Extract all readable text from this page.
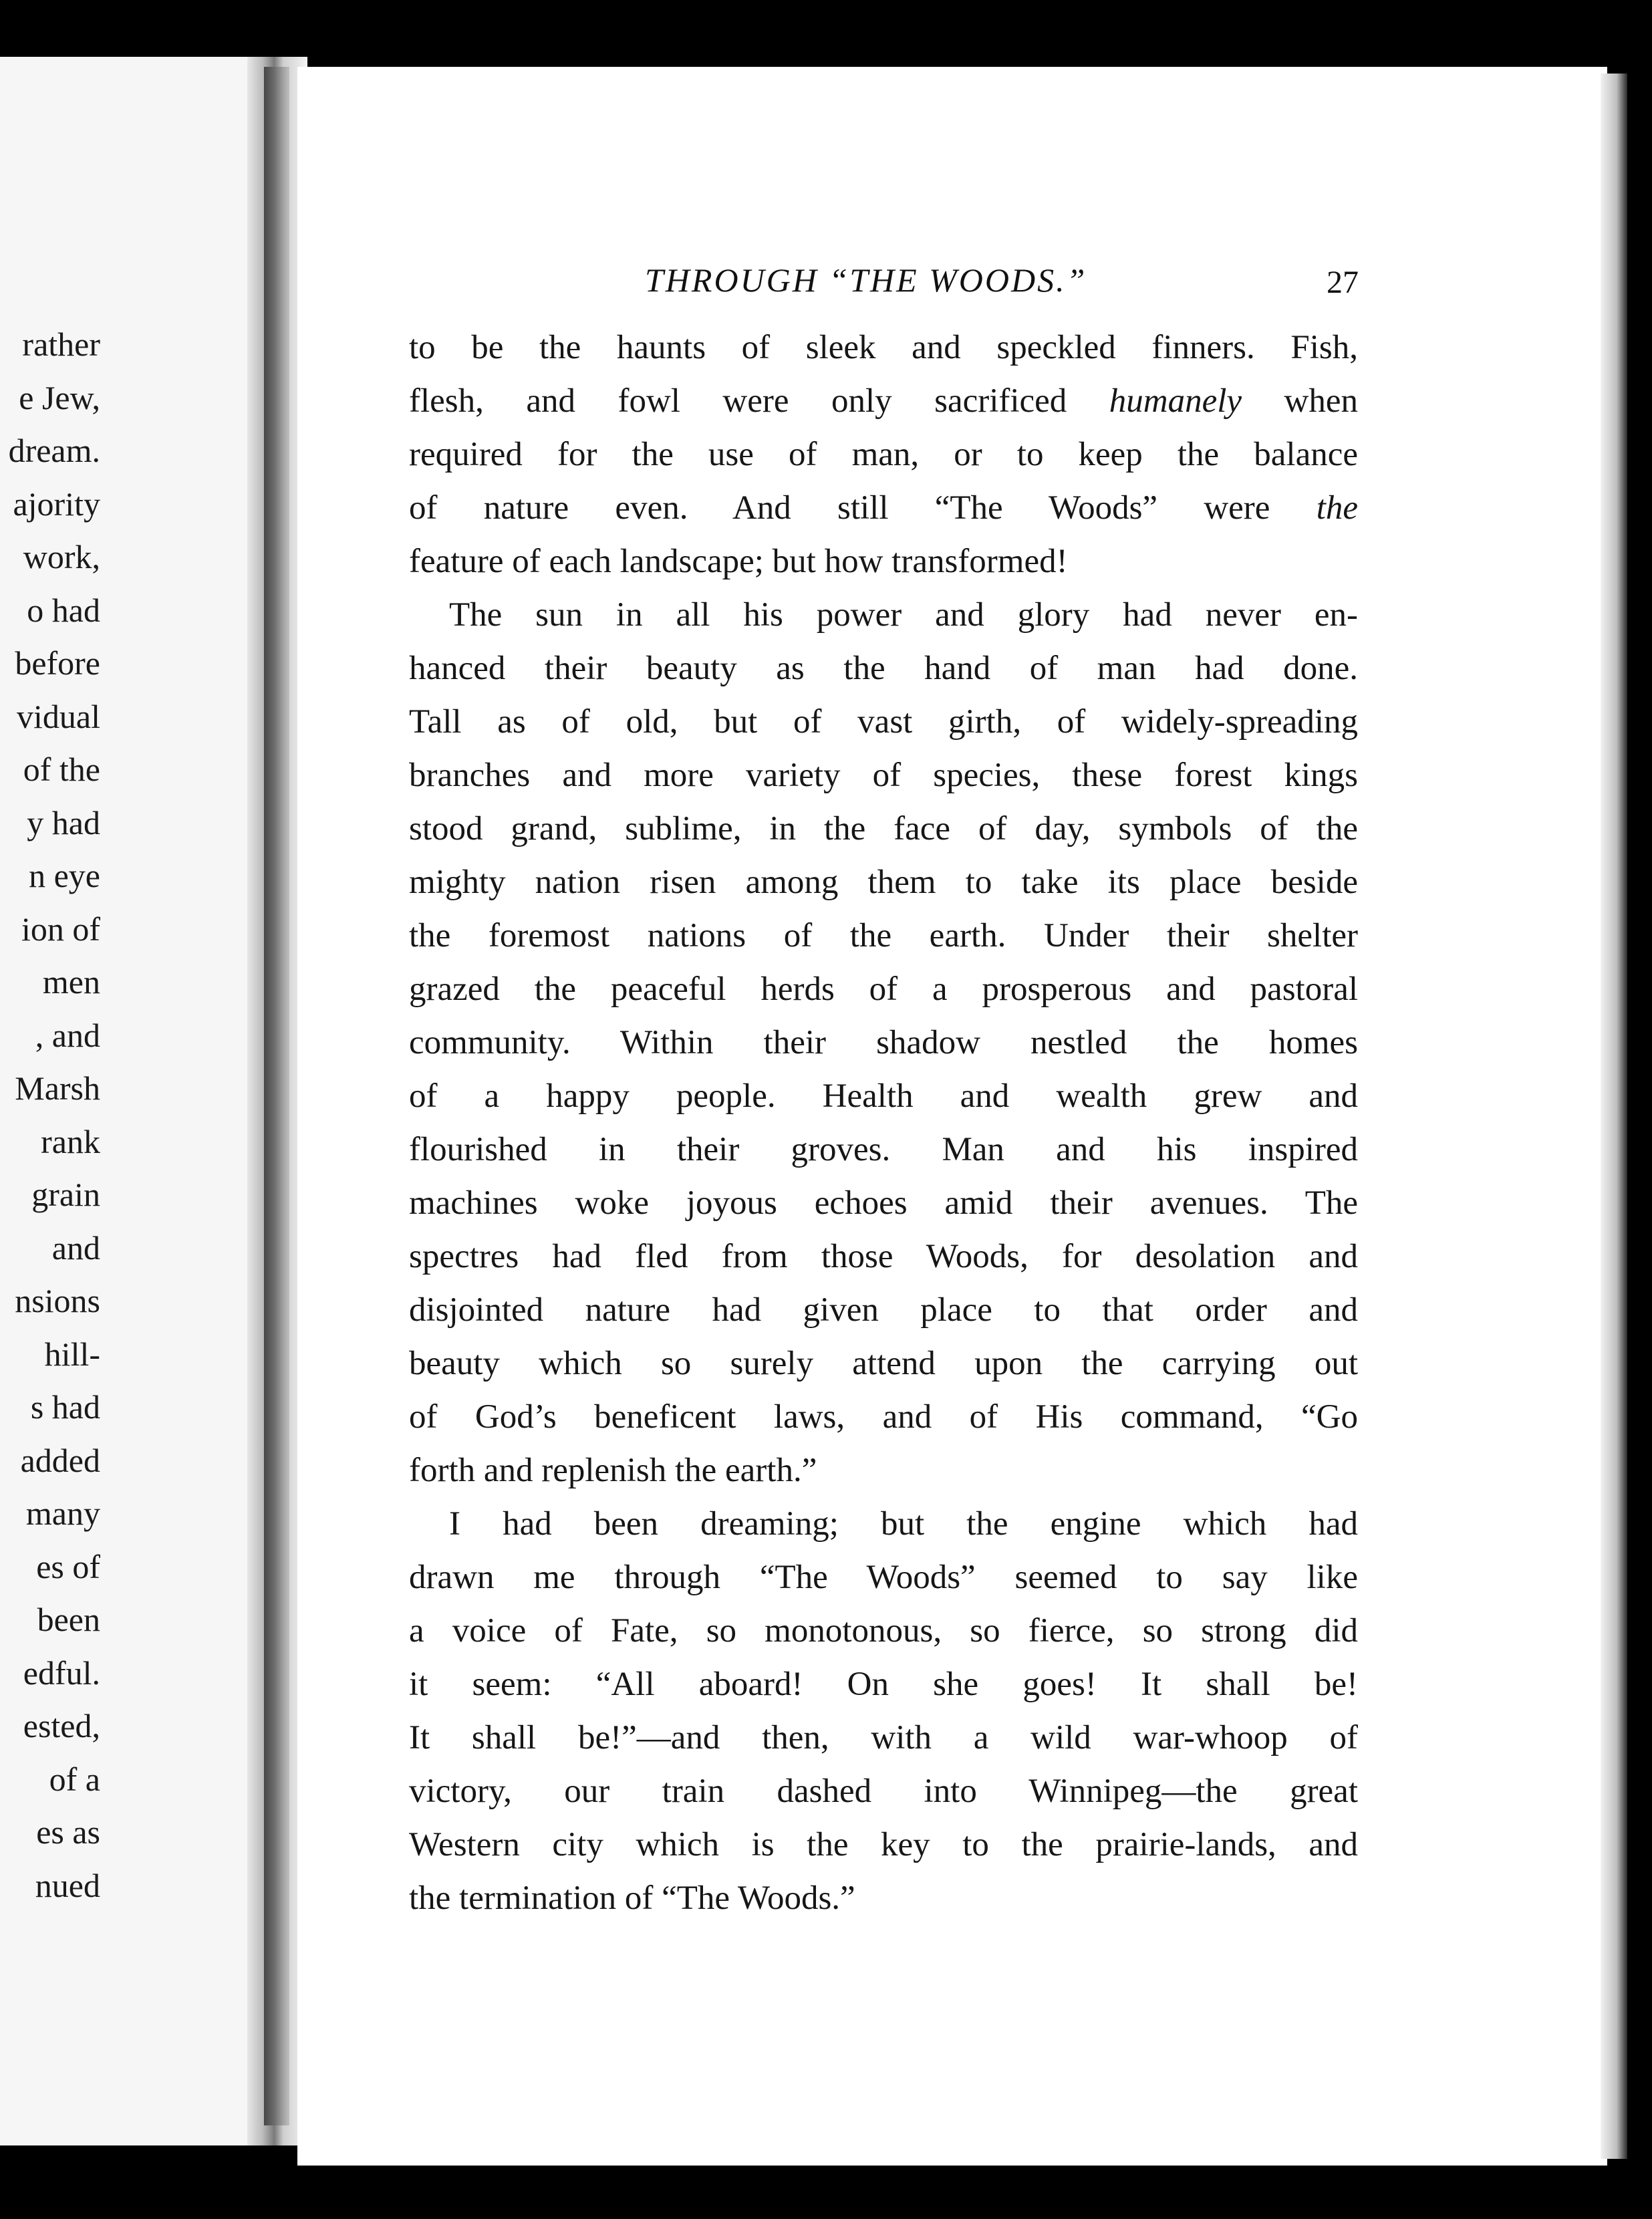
rather
e Jew,
dream.
ajority
work,
o had
before
vidual
of the
y had
n eye
ion of
men
, and
Marsh
rank
grain
and
nsions
hill-
s had
added
many
es of
been
edful.
ested,
of a
es as
nued
THROUGH “THE WOODS.”	27
to be the haunts of sleek and speckled finners. Fish,
flesh, and fowl were only sacrificed humanely when
required for the use of man, or to keep the balance
of nature even. And still “The Woods” were the
feature of each landscape; but how transformed!
The sun in all his power and glory had never en-
hanced their beauty as the hand of man had done.
Tall as of old, but of vast girth, of widely-spreading
branches and more variety of species, these forest kings
stood grand, sublime, in the face of day, symbols of the
mighty nation risen among them to take its place beside
the foremost nations of the earth. Under their shelter
grazed the peaceful herds of a prosperous and pastoral
community. Within their shadow nestled the homes
of a happy people. Health and wealth grew and
flourished in their groves. Man and his inspired
machines woke joyous echoes amid their avenues. The
spectres had fled from those Woods, for desolation and
disjointed nature had given place to that order and
beauty which so surely attend upon the carrying out
of God’s beneficent laws, and of His command, “Go
forth and replenish the earth.”
I had been dreaming; but the engine which had
drawn me through “The Woods” seemed to say like
a voice of Fate, so monotonous, so fierce, so strong did
it seem: “All aboard! On she goes! It shall be!
It shall be!”—and then, with a wild war-whoop of
victory, our train dashed into Winnipeg—the great
Western city which is the key to the prairie-lands, and
the termination of “The Woods.”
